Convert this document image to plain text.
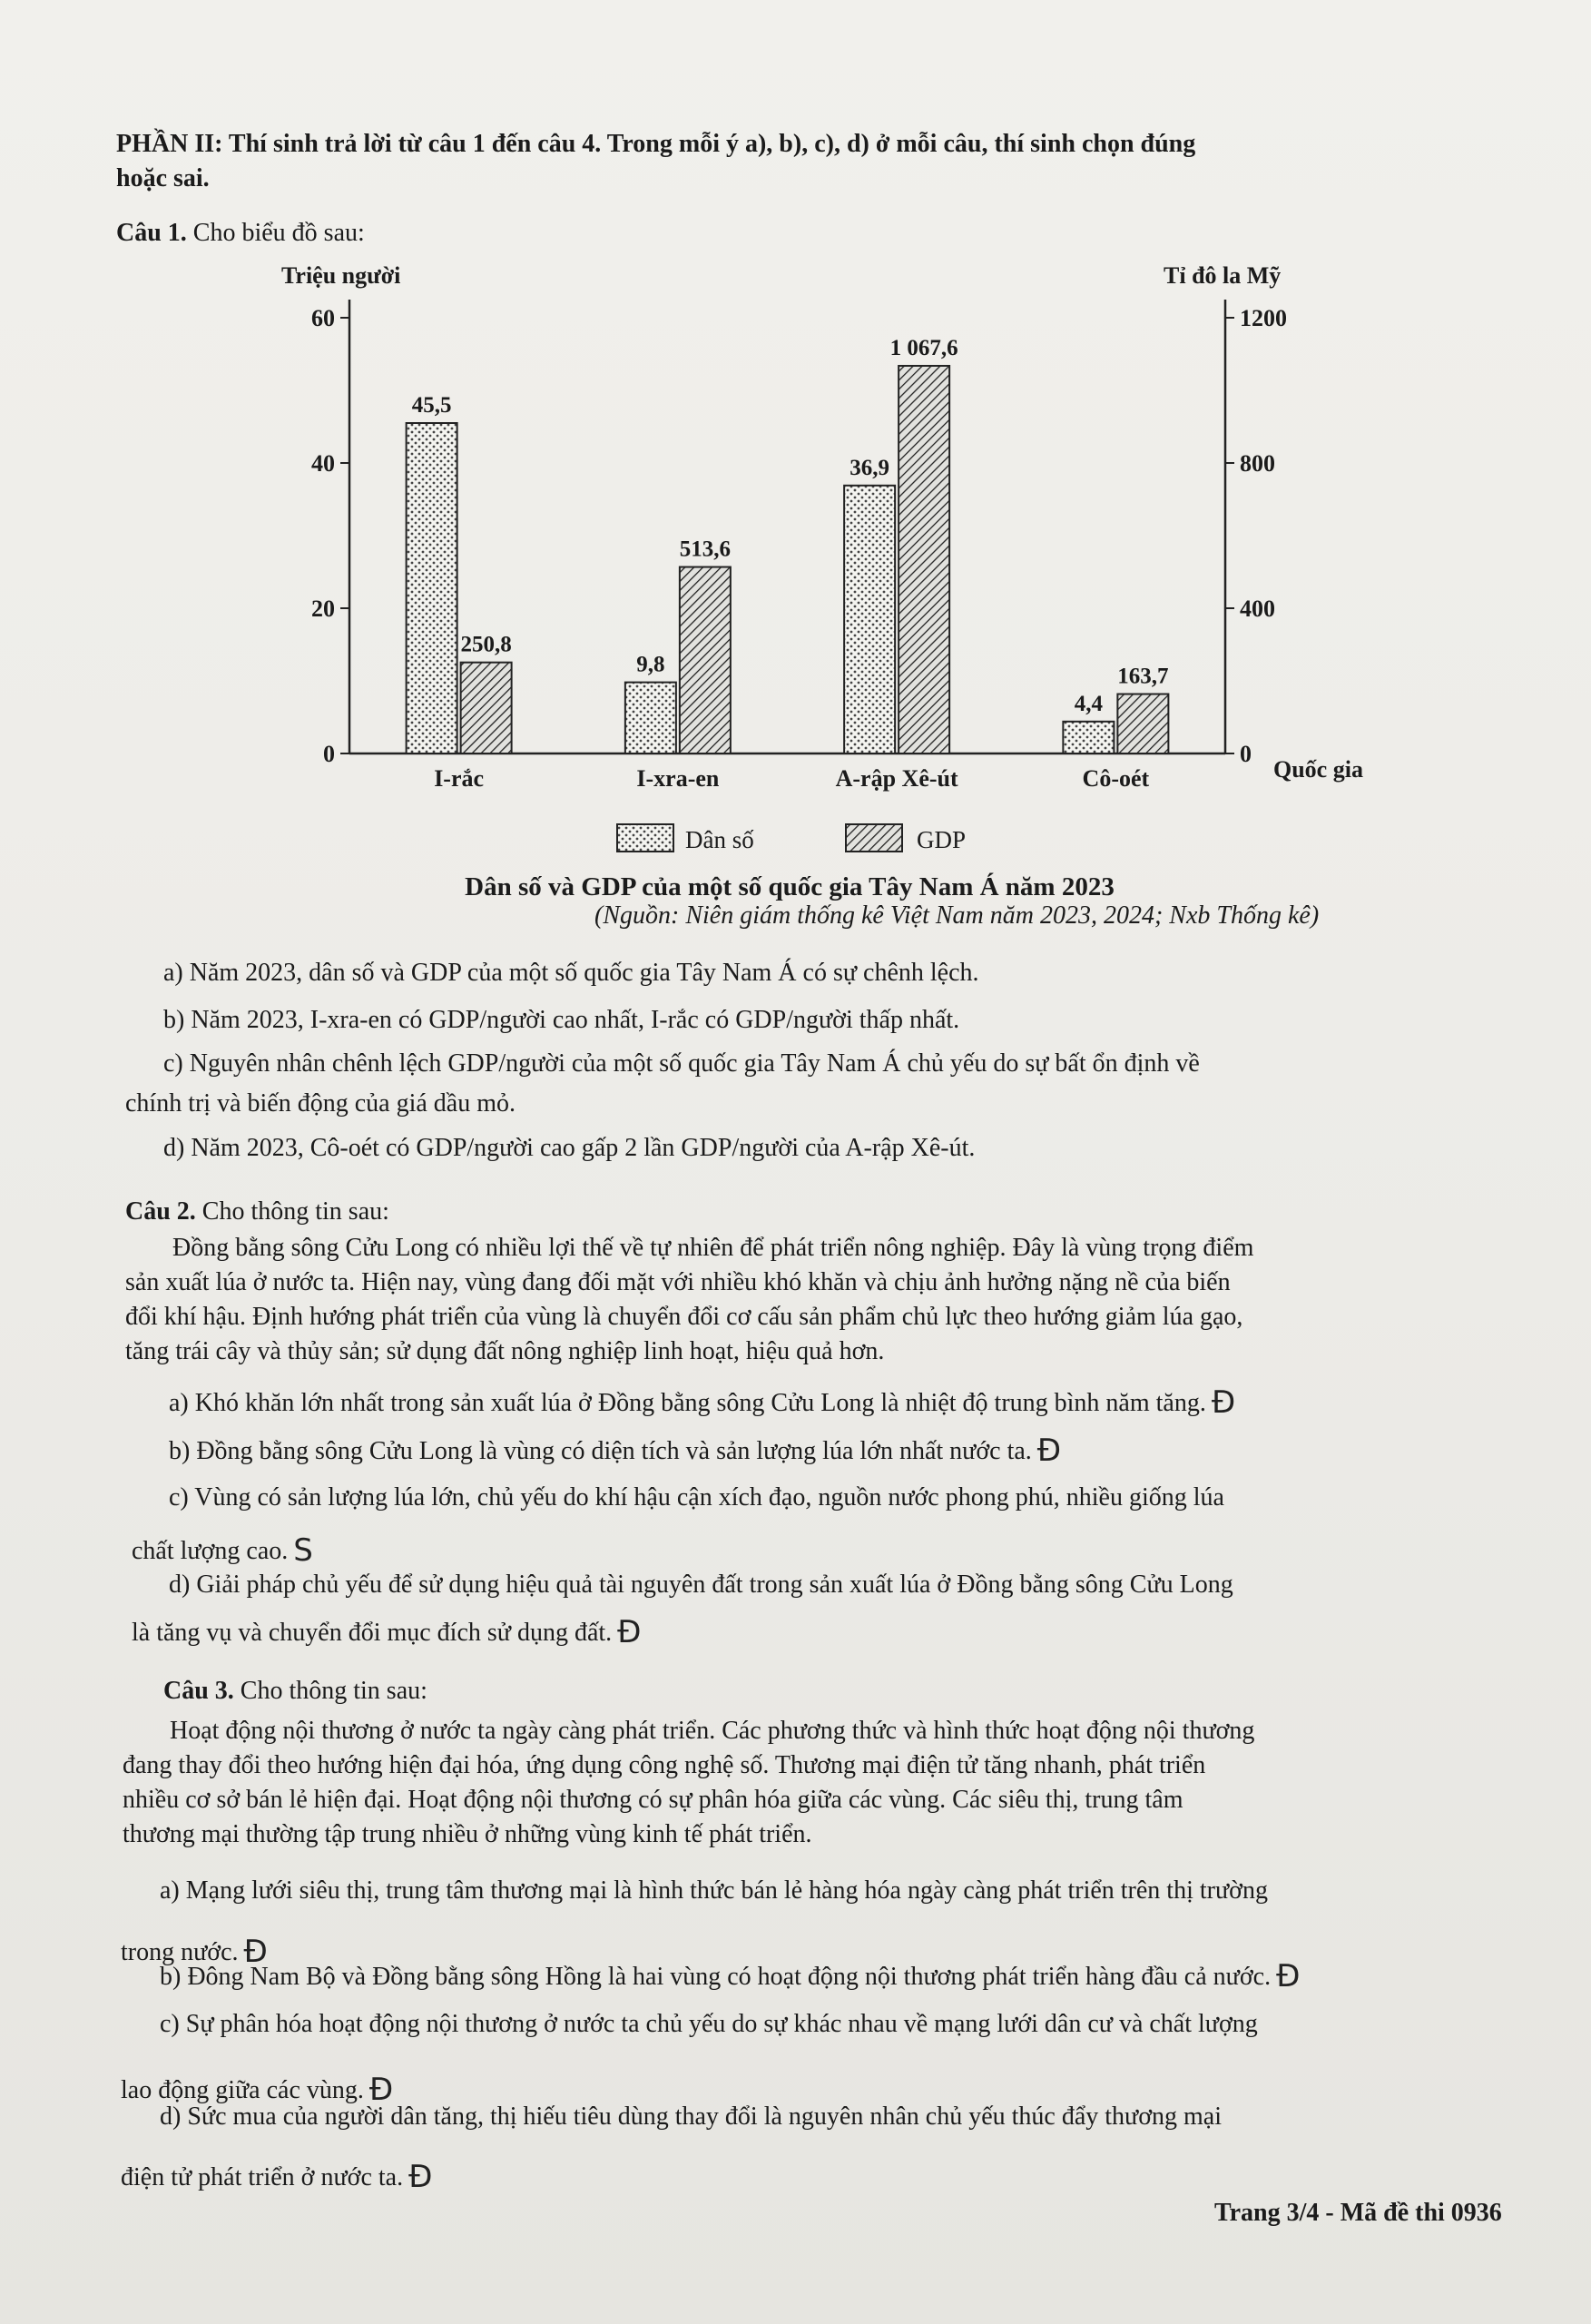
PHẦN II: Thí sinh trả lời từ câu 1 đến câu 4. Trong mỗi ý a), b), c), d) ở mỗi câu, thí sinh chọn đúng
hoặc sai.
Câu 1. Cho biểu đồ sau:
Triệu người	Tỉ đô la Mỹ
Quốc gia
0
20
40
60
0
400
800
1200
45,5
250,8
I-rắc
9,8
513,6
I-xra-en
36,9
1 067,6
A-rập Xê-út
4,4
163,7
Cô-oét
Dân số	GDP
Dân số và GDP của một số quốc gia Tây Nam Á năm 2023
(Nguồn: Niên giám thống kê Việt Nam năm 2023, 2024; Nxb Thống kê)
a) Năm 2023, dân số và GDP của một số quốc gia Tây Nam Á có sự chênh lệch.
b) Năm 2023, I-xra-en có GDP/người cao nhất, I-rắc có GDP/người thấp nhất.
c) Nguyên nhân chênh lệch GDP/người của một số quốc gia Tây Nam Á chủ yếu do sự bất ổn định về
chính trị và biến động của giá dầu mỏ.
d) Năm 2023, Cô-oét có GDP/người cao gấp 2 lần GDP/người của A-rập Xê-út.
Câu 2. Cho thông tin sau:
Đồng bằng sông Cửu Long có nhiều lợi thế về tự nhiên để phát triển nông nghiệp. Đây là vùng trọng điểm
sản xuất lúa ở nước ta. Hiện nay, vùng đang đối mặt với nhiều khó khăn và chịu ảnh hưởng nặng nề của biến
đổi khí hậu. Định hướng phát triển của vùng là chuyển đổi cơ cấu sản phẩm chủ lực theo hướng giảm lúa gạo,
tăng trái cây và thủy sản; sử dụng đất nông nghiệp linh hoạt, hiệu quả hơn.
a) Khó khăn lớn nhất trong sản xuất lúa ở Đồng bằng sông Cửu Long là nhiệt độ trung bình năm tăng. Đ
b) Đồng bằng sông Cửu Long là vùng có diện tích và sản lượng lúa lớn nhất nước ta. Đ
c) Vùng có sản lượng lúa lớn, chủ yếu do khí hậu cận xích đạo, nguồn nước phong phú, nhiều giống lúa
chất lượng cao. S
d) Giải pháp chủ yếu để sử dụng hiệu quả tài nguyên đất trong sản xuất lúa ở Đồng bằng sông Cửu Long
là tăng vụ và chuyển đổi mục đích sử dụng đất. Đ
Câu 3. Cho thông tin sau:
Hoạt động nội thương ở nước ta ngày càng phát triển. Các phương thức và hình thức hoạt động nội thương
đang thay đổi theo hướng hiện đại hóa, ứng dụng công nghệ số. Thương mại điện tử tăng nhanh, phát triển
nhiều cơ sở bán lẻ hiện đại. Hoạt động nội thương có sự phân hóa giữa các vùng. Các siêu thị, trung tâm
thương mại thường tập trung nhiều ở những vùng kinh tế phát triển.
a) Mạng lưới siêu thị, trung tâm thương mại là hình thức bán lẻ hàng hóa ngày càng phát triển trên thị trường
trong nước. Đ
b) Đông Nam Bộ và Đồng bằng sông Hồng là hai vùng có hoạt động nội thương phát triển hàng đầu cả nước. Đ
c) Sự phân hóa hoạt động nội thương ở nước ta chủ yếu do sự khác nhau về mạng lưới dân cư và chất lượng
lao động giữa các vùng. Đ
d) Sức mua của người dân tăng, thị hiếu tiêu dùng thay đổi là nguyên nhân chủ yếu thúc đẩy thương mại
điện tử phát triển ở nước ta. Đ
Trang 3/4 - Mã đề thi 0936
